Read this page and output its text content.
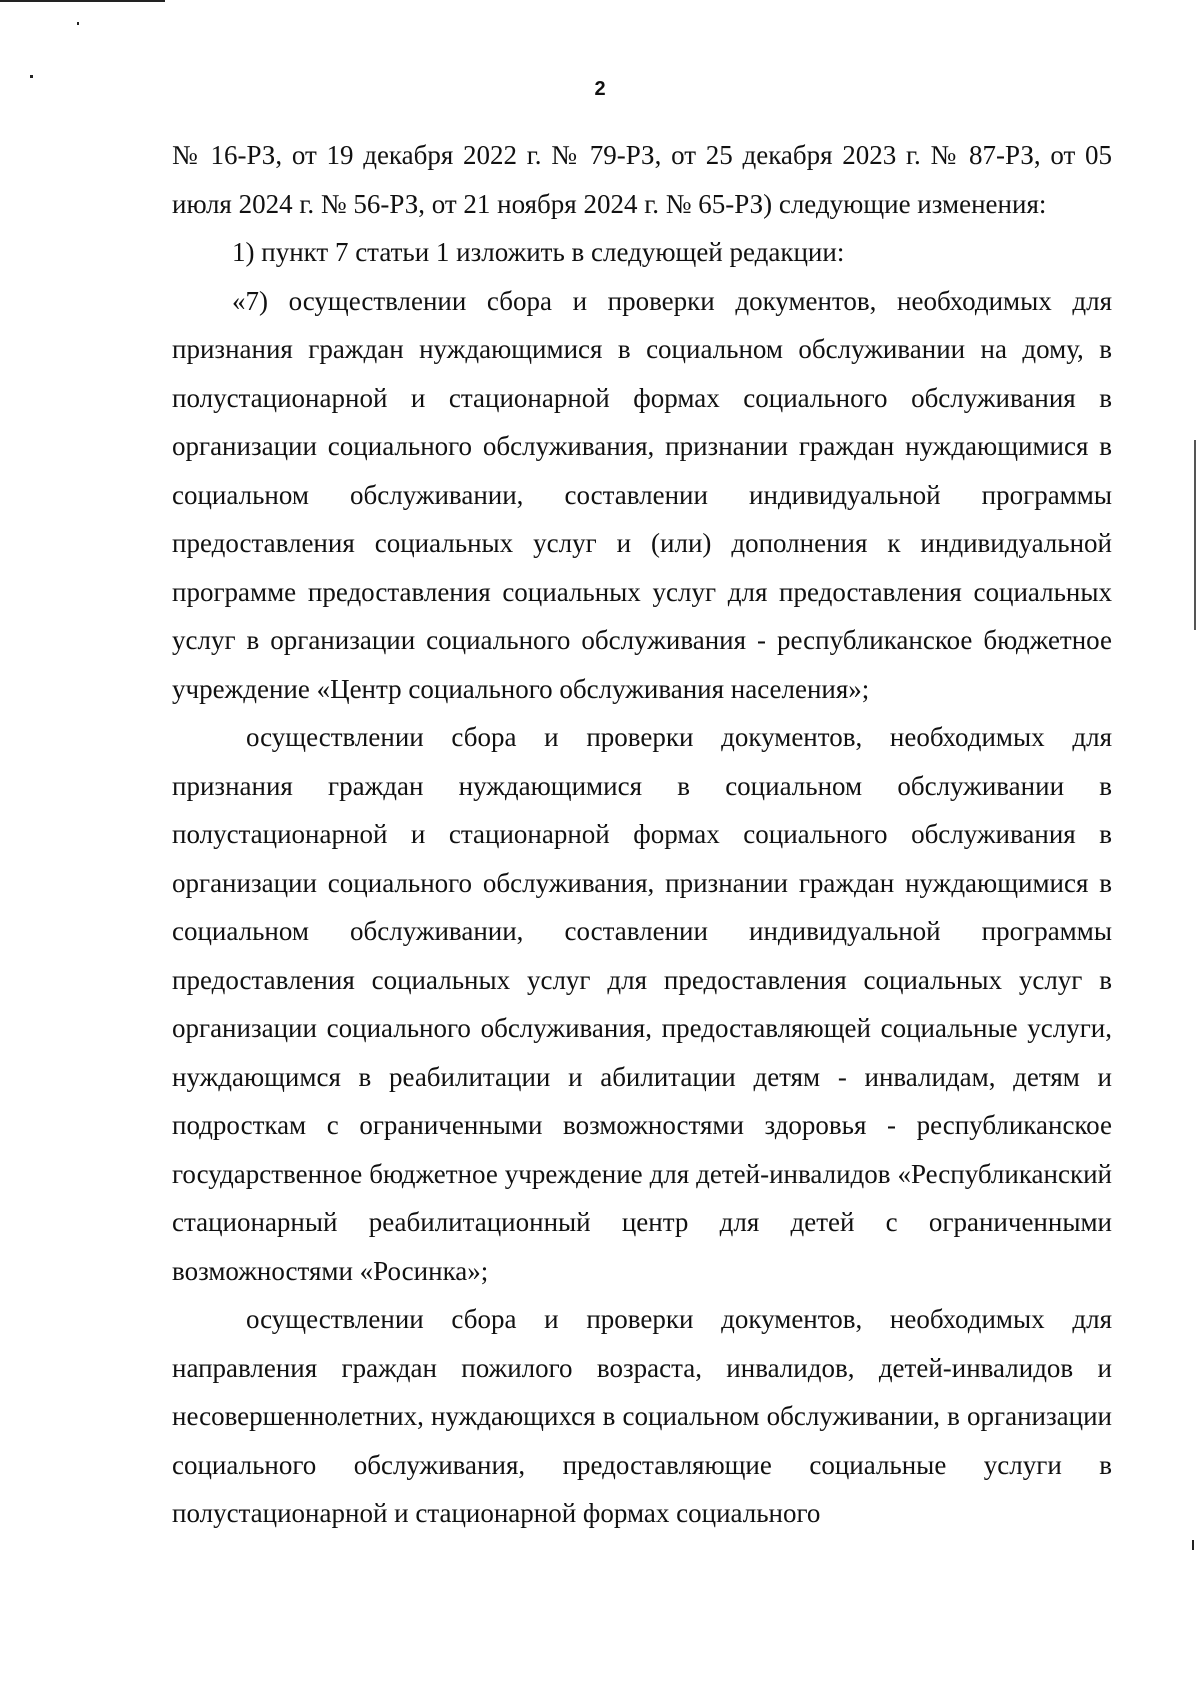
2

№ 16-РЗ, от 19 декабря 2022 г. № 79-РЗ, от 25 декабря 2023 г. № 87-РЗ, от 05 июля 2024 г. № 56-РЗ, от 21 ноября 2024 г. № 65-РЗ) следующие изменения:

1) пункт 7 статьи 1 изложить в следующей редакции:

«7) осуществлении сбора и проверки документов, необходимых для признания граждан нуждающимися в социальном обслуживании на дому, в полустационарной и стационарной формах социального обслуживания в организации социального обслуживания, признании граждан нуждающимися в социальном обслуживании, составлении индивидуальной программы предоставления социальных услуг и (или) дополнения к индивидуальной программе предоставления социальных услуг для предоставления социальных услуг в организации социального обслуживания - республиканское бюджетное учреждение «Центр социального обслуживания населения»;

осуществлении сбора и проверки документов, необходимых для признания граждан нуждающимися в социальном обслуживании в полустационарной и стационарной формах социального обслуживания в организации социального обслуживания, признании граждан нуждающимися в социальном обслуживании, составлении индивидуальной программы предоставления социальных услуг для предоставления социальных услуг в организации социального обслуживания, предоставляющей социальные услуги, нуждающимся в реабилитации и абилитации детям - инвалидам, детям и подросткам с ограниченными возможностями здоровья - республиканское государственное бюджетное учреждение для детей-инвалидов «Республиканский стационарный реабилитационный центр для детей с ограниченными возможностями «Росинка»;

осуществлении сбора и проверки документов, необходимых для направления граждан пожилого возраста, инвалидов, детей-инвалидов и несовершеннолетних, нуждающихся в социальном обслуживании, в организации социального обслуживания, предоставляющие социальные услуги в полустационарной и стационарной формах социального
